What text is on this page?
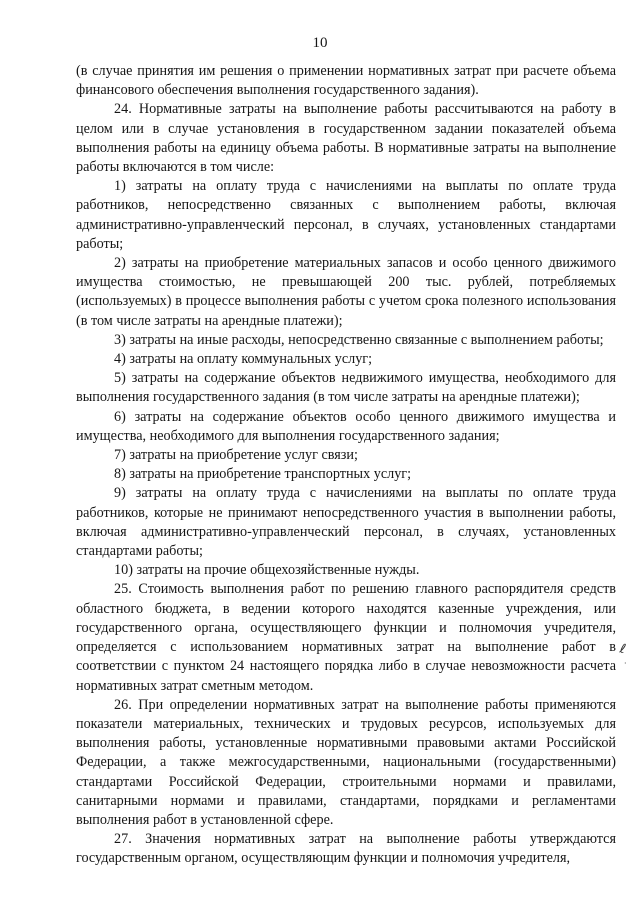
10

(в случае принятия им решения о применении нормативных затрат при расчете объема финансового обеспечения выполнения государственного задания).

24. Нормативные затраты на выполнение работы рассчитываются на работу в целом или в случае установления в государственном задании показателей объема выполнения работы на единицу объема работы. В нормативные затраты на выполнение работы включаются в том числе:

1) затраты на оплату труда с начислениями на выплаты по оплате труда работников, непосредственно связанных с выполнением работы, включая административно-управленческий персонал, в случаях, установленных стандартами работы;

2) затраты на приобретение материальных запасов и особо ценного движимого имущества стоимостью, не превышающей 200 тыс. рублей, потребляемых (используемых) в процессе выполнения работы с учетом срока полезного использования (в том числе затраты на арендные платежи);

3) затраты на иные расходы, непосредственно связанные с выполнением работы;

4) затраты на оплату коммунальных услуг;

5) затраты на содержание объектов недвижимого имущества, необходимого для выполнения государственного задания (в том числе затраты на арендные платежи);

6) затраты на содержание объектов особо ценного движимого имущества и имущества, необходимого для выполнения государственного задания;

7) затраты на приобретение услуг связи;

8) затраты на приобретение транспортных услуг;

9) затраты на оплату труда с начислениями на выплаты по оплате труда работников, которые не принимают непосредственного участия в выполнении работы, включая административно-управленческий персонал, в случаях, установленных стандартами работы;

10) затраты на прочие общехозяйственные нужды.

25. Стоимость выполнения работ по решению главного распорядителя средств областного бюджета, в ведении которого находятся казенные учреждения, или государственного органа, осуществляющего функции и полномочия учредителя, определяется с использованием нормативных затрат на выполнение работ в соответствии с пунктом 24 настоящего порядка либо в случае невозможности расчета нормативных затрат сметным методом.

26. При определении нормативных затрат на выполнение работы применяются показатели материальных, технических и трудовых ресурсов, используемых для выполнения работы, установленные нормативными правовыми актами Российской Федерации, а также межгосударственными, национальными (государственными) стандартами Российской Федерации, строительными нормами и правилами, санитарными нормами и правилами, стандартами, порядками и регламентами выполнения работ в установленной сфере.

27. Значения нормативных затрат на выполнение работы утверждаются государственным органом, осуществляющим функции и полномочия учредителя,

ℓ
·
